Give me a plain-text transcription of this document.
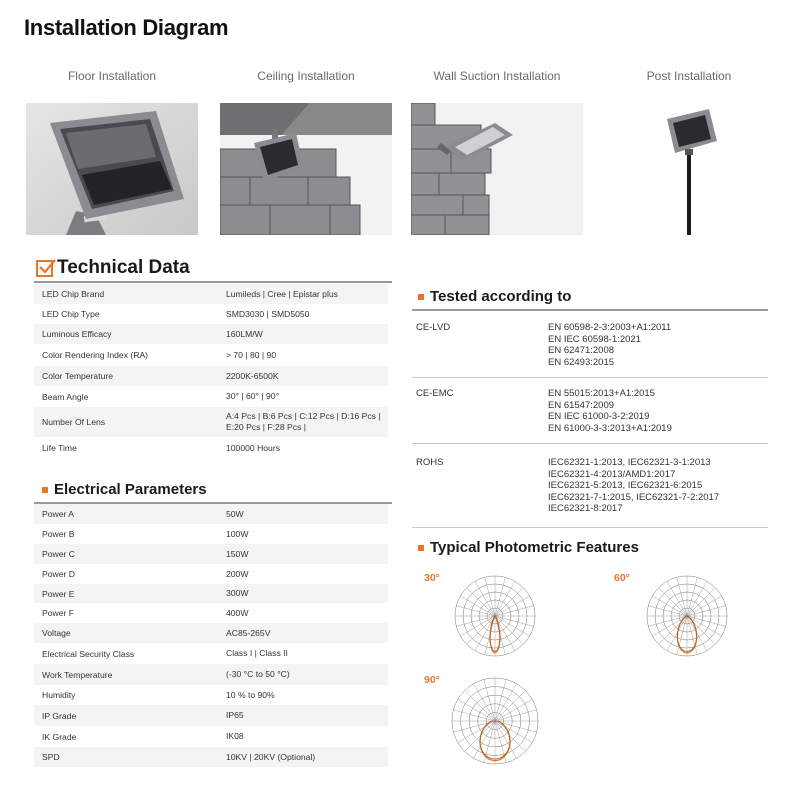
Installation Diagram
Floor Installation	Ceiling Installation	Wall Suction Installation	Post Installation
Technical Data
LED Chip Brand	Lumileds | Cree | Epistar plus
LED Chip Type	SMD3030 | SMD5050
Luminous Efficacy	160LM/W
Color Rendering Index (RA)	> 70 | 80 | 90
Color Temperature	2200K-6500K
Beam Angle	30° | 60° | 90°
Number Of Lens	A:4 Pcs | B:6 Pcs | C:12 Pcs | D:16 Pcs | E:20 Pcs | F:28 Pcs |
Life Time	100000 Hours
Electrical Parameters
Power A	50W
Power B	100W
Power C	150W
Power D	200W
Power E	300W
Power F	400W
Voltage	AC85-265V
Electrical Security Class	Class I | Class II
Work Temperature	(-30 °C to 50 °C)
Humidity	10 % to 90%
IP Grade	IP65
IK Grade	IK08
SPD	10KV | 20KV (Optional)
Tested according to
CE-LVD	EN 60598-2-3:2003+A1:2011
EN IEC 60598-1:2021
EN 62471:2008
EN 62493:2015
CE-EMC	EN 55015:2013+A1:2015
EN 61547:2009
EN IEC 61000-3-2:2019
EN 61000-3-3:2013+A1:2019
ROHS	IEC62321-1:2013, IEC62321-3-1:2013
IEC62321-4:2013/AMD1:2017
IEC62321-5:2013, IEC62321-6:2015
IEC62321-7-1:2015, IEC62321-7-2:2017
IEC62321-8:2017
Typical Photometric Features
30°	60°
90°
